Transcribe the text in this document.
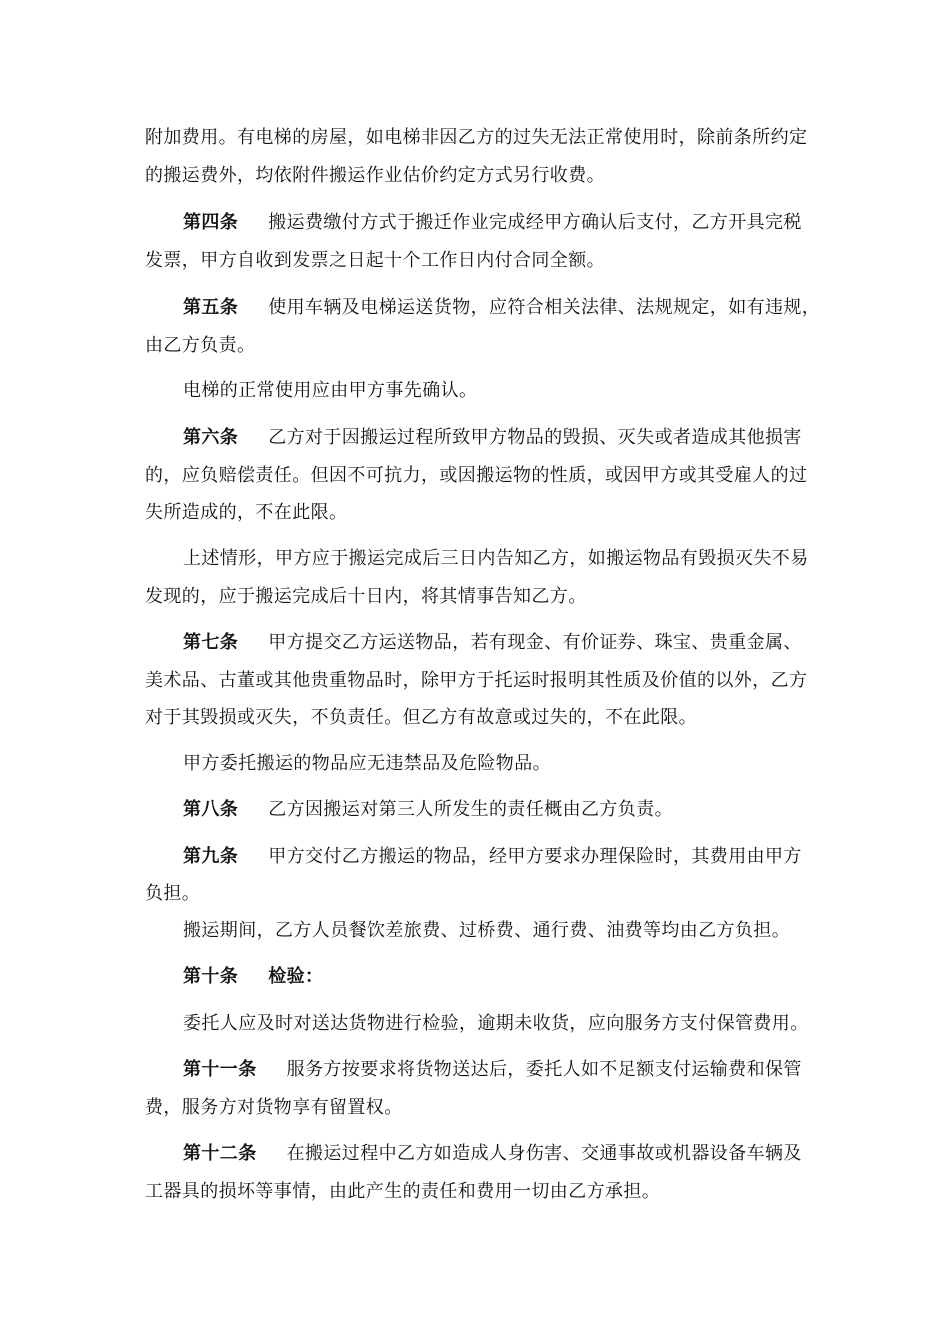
附加费用。有电梯的房屋，如电梯非因乙方的过失无法正常使用时，除前条所约定
的搬运费外，均依附件搬运作业估价约定方式另行收费。
第四条 搬运费缴付方式于搬迁作业完成经甲方确认后支付，乙方开具完税
发票，甲方自收到发票之日起十个工作日内付合同全额。
第五条 使用车辆及电梯运送货物，应符合相关法律、法规规定，如有违规，
由乙方负责。
电梯的正常使用应由甲方事先确认。
第六条 乙方对于因搬运过程所致甲方物品的毁损、灭失或者造成其他损害
的，应负赔偿责任。但因不可抗力，或因搬运物的性质，或因甲方或其受雇人的过
失所造成的，不在此限。
上述情形，甲方应于搬运完成后三日内告知乙方，如搬运物品有毁损灭失不易
发现的，应于搬运完成后十日内，将其情事告知乙方。
第七条 甲方提交乙方运送物品，若有现金、有价证券、珠宝、贵重金属、
美术品、古董或其他贵重物品时，除甲方于托运时报明其性质及价值的以外，乙方
对于其毁损或灭失，不负责任。但乙方有故意或过失的，不在此限。
甲方委托搬运的物品应无违禁品及危险物品。
第八条 乙方因搬运对第三人所发生的责任概由乙方负责。
第九条 甲方交付乙方搬运的物品，经甲方要求办理保险时，其费用由甲方
负担。
搬运期间，乙方人员餐饮差旅费、过桥费、通行费、油费等均由乙方负担。
第十条 检验：
委托人应及时对送达货物进行检验，逾期未收货，应向服务方支付保管费用。
第十一条 服务方按要求将货物送达后，委托人如不足额支付运输费和保管
费，服务方对货物享有留置权。
第十二条 在搬运过程中乙方如造成人身伤害、交通事故或机器设备车辆及
工器具的损坏等事情，由此产生的责任和费用一切由乙方承担。
